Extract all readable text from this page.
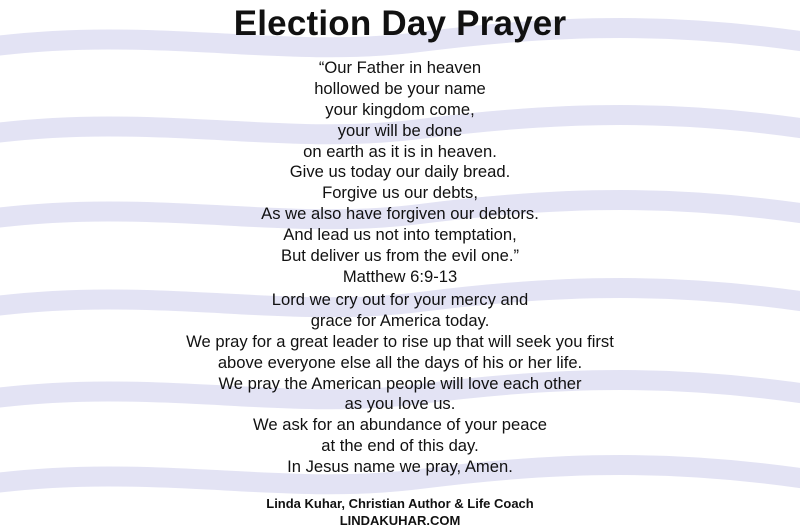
Election Day Prayer
“Our Father in heaven
hollowed be your name
your kingdom come,
your will be done
on earth as it is in heaven.
Give us today our daily bread.
Forgive us our debts,
As we also have forgiven our debtors.
And lead us not into temptation,
But deliver us from the evil one.”
Matthew 6:9-13
Lord we cry out for your mercy and
grace for America today.
We pray for a great leader to rise up that will seek you first
above everyone else all the days of his or her life.
We pray the American people will love each other
as you love us.
We ask for an abundance of your peace
at the end of this day.
In Jesus name we pray, Amen.
Linda Kuhar, Christian Author & Life Coach
LINDAKUHAR.COM
